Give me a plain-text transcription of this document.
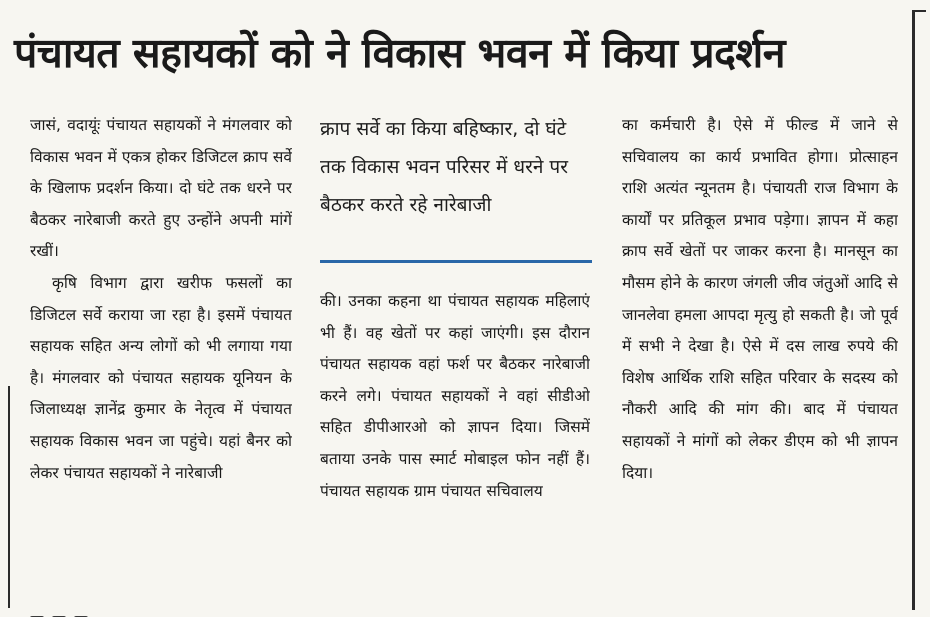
पंचायत सहायकों को ने विकास भवन में किया प्रदर्शन

जासं, वदायूंः पंचायत सहायकों ने मंगलवार को विकास भवन में एकत्र होकर डिजिटल क्राप सर्वे के खिलाफ प्रदर्शन किया। दो घंटे तक धरने पर बैठकर नारेबाजी करते हुए उन्होंने अपनी मांगें रखीं।

कृषि विभाग द्वारा खरीफ फसलों का डिजिटल सर्वे कराया जा रहा है। इसमें पंचायत सहायक सहित अन्य लोगों को भी लगाया गया है। मंगलवार को पंचायत सहायक यूनियन के जिलाध्यक्ष ज्ञानेंद्र कुमार के नेतृत्व में पंचायत सहायक विकास भवन जा पहुंचे। यहां बैनर को लेकर पंचायत सहायकों ने नारेबाजी

क्राप सर्वे का किया बहिष्कार, दो घंटे तक विकास भवन परिसर में धरने पर बैठकर करते रहे नारेबाजी

की। उनका कहना था पंचायत सहायक महिलाएं भी हैं। वह खेतों पर कहां जाएंगी। इस दौरान पंचायत सहायक वहां फर्श पर बैठकर नारेबाजी करने लगे। पंचायत सहायकों ने वहां सीडीओ सहित डीपीआरओ को ज्ञापन दिया। जिसमें बताया उनके पास स्मार्ट मोबाइल फोन नहीं हैं। पंचायत सहायक ग्राम पंचायत सचिवालय

का कर्मचारी है। ऐसे में फील्ड में जाने से सचिवालय का कार्य प्रभावित होगा। प्रोत्साहन राशि अत्यंत न्यूनतम है। पंचायती राज विभाग के कार्यों पर प्रतिकूल प्रभाव पड़ेगा। ज्ञापन में कहा क्राप सर्वे खेतों पर जाकर करना है। मानसून का मौसम होने के कारण जंगली जीव जंतुओं आदि से जानलेवा हमला आपदा मृत्यु हो सकती है। जो पूर्व में सभी ने देखा है। ऐसे में दस लाख रुपये की विशेष आर्थिक राशि सहित परिवार के सदस्य को नौकरी आदि की मांग की। बाद में पंचायत सहायकों ने मांगों को लेकर डीएम को भी ज्ञापन दिया।
